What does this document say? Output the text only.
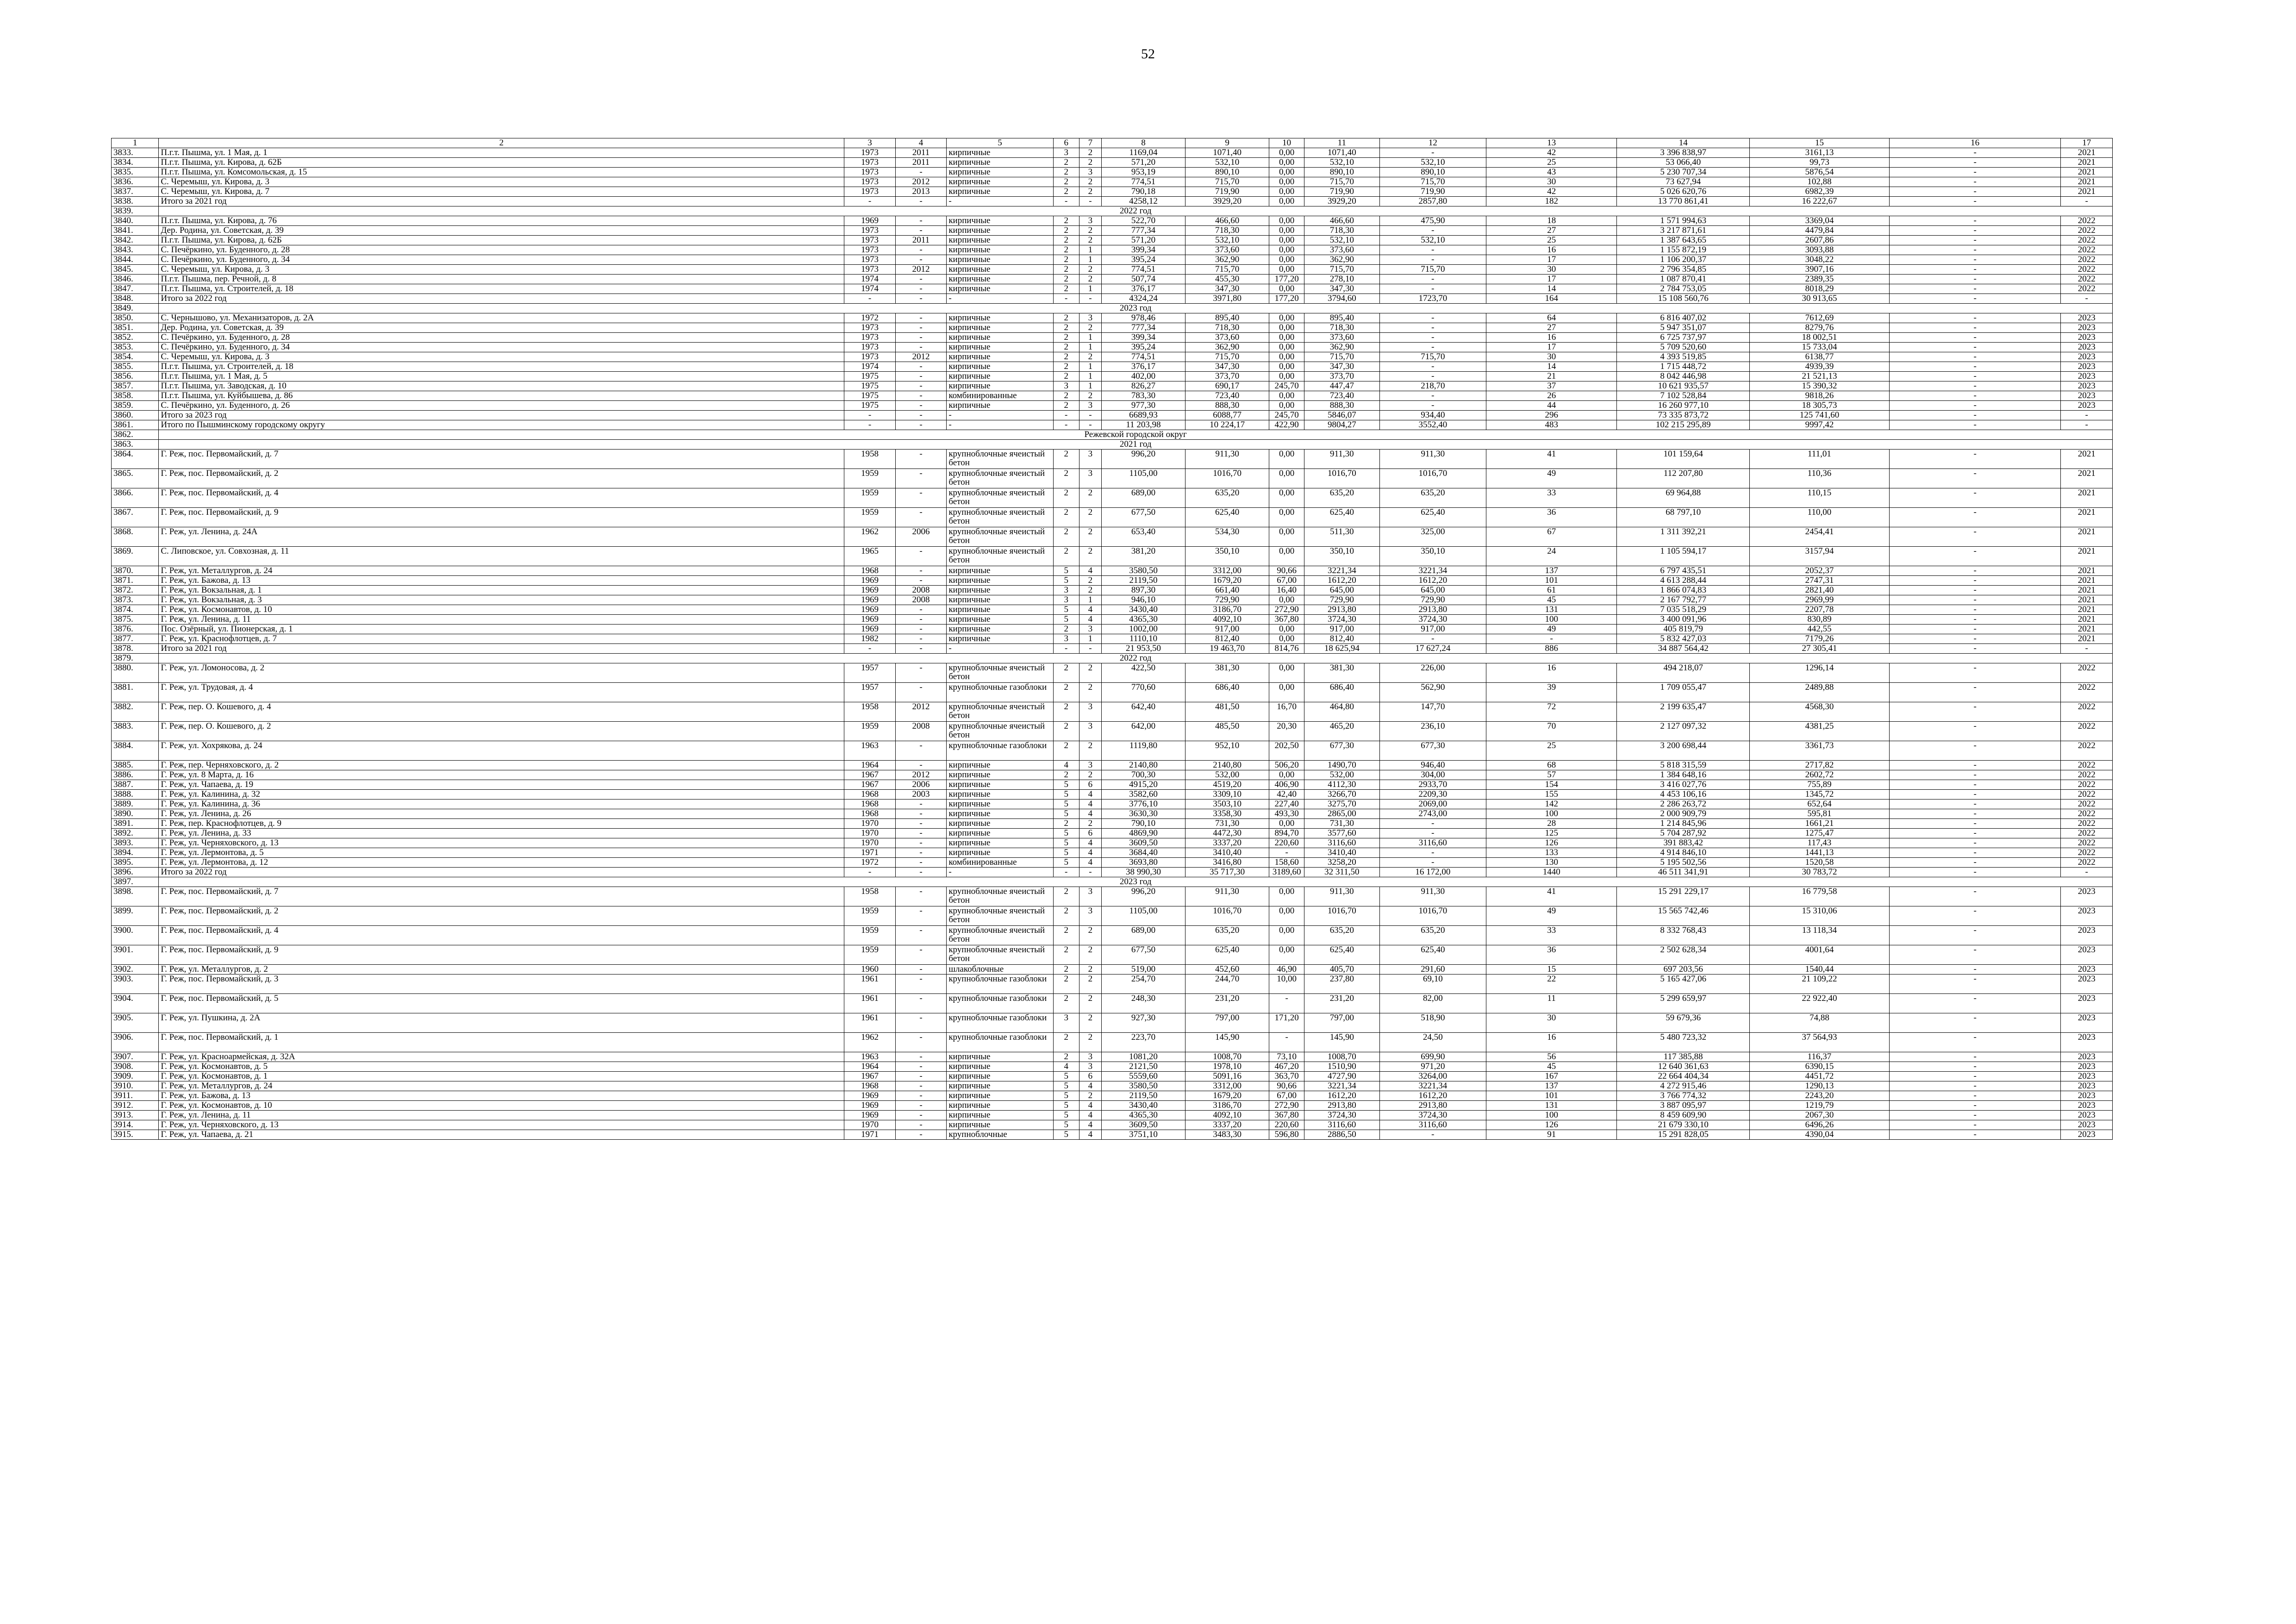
52
1	2	3	4	5	6	7	8	9	10	11	12	13	14	15	16	17
3833.	П.г.т. Пышма, ул. 1 Мая, д. 1	1973	2011	кирпичные	3	2	1169,04	1071,40	0,00	1071,40	-	42	3 396 838,97	3161,13	-	2021
3834.	П.г.т. Пышма, ул. Кирова, д. 62Б	1973	2011	кирпичные	2	2	571,20	532,10	0,00	532,10	532,10	25	53 066,40	99,73	-	2021
3835.	П.г.т. Пышма, ул. Комсомольская, д. 15	1973	-	кирпичные	2	3	953,19	890,10	0,00	890,10	890,10	43	5 230 707,34	5876,54	-	2021
3836.	С. Черемыш, ул. Кирова, д. 3	1973	2012	кирпичные	2	2	774,51	715,70	0,00	715,70	715,70	30	73 627,94	102,88	-	2021
3837.	С. Черемыш, ул. Кирова, д. 7	1973	2013	кирпичные	2	2	790,18	719,90	0,00	719,90	719,90	42	5 026 620,76	6982,39	-	2021
3838.	Итого за 2021 год	-	-	-	-	-	4258,12	3929,20	0,00	3929,20	2857,80	182	13 770 861,41	16 222,67	-	-
3839.	2022 год															
3840.	П.г.т. Пышма, ул. Кирова, д. 76	1969	-	кирпичные	2	3	522,70	466,60	0,00	466,60	475,90	18	1 571 994,63	3369,04	-	2022
3841.	Дер. Родина, ул. Советская, д. 39	1973	-	кирпичные	2	2	777,34	718,30	0,00	718,30	-	27	3 217 871,61	4479,84	-	2022
3842.	П.г.т. Пышма, ул. Кирова, д. 62Б	1973	2011	кирпичные	2	2	571,20	532,10	0,00	532,10	532,10	25	1 387 643,65	2607,86	-	2022
3843.	С. Печёркино, ул. Буденного, д. 28	1973	-	кирпичные	2	1	399,34	373,60	0,00	373,60	-	16	1 155 872,19	3093,88	-	2022
3844.	С. Печёркино, ул. Буденного, д. 34	1973	-	кирпичные	2	1	395,24	362,90	0,00	362,90	-	17	1 106 200,37	3048,22	-	2022
3845.	С. Черемыш, ул. Кирова, д. 3	1973	2012	кирпичные	2	2	774,51	715,70	0,00	715,70	715,70	30	2 796 354,85	3907,16	-	2022
3846.	П.г.т. Пышма, пер. Речной, д. 8	1974	-	кирпичные	2	2	507,74	455,30	177,20	278,10	-	17	1 087 870,41	2389,35	-	2022
3847.	П.г.т. Пышма, ул. Строителей, д. 18	1974	-	кирпичные	2	1	376,17	347,30	0,00	347,30	-	14	2 784 753,05	8018,29	-	2022
3848.	Итого за 2022 год	-	-	-	-	-	4324,24	3971,80	177,20	3794,60	1723,70	164	15 108 560,76	30 913,65	-	-
3849.	2023 год															
3850.	С. Чернышово, ул. Механизаторов, д. 2А	1972	-	кирпичные	2	3	978,46	895,40	0,00	895,40	-	64	6 816 407,02	7612,69	-	2023
3851.	Дер. Родина, ул. Советская, д. 39	1973	-	кирпичные	2	2	777,34	718,30	0,00	718,30	-	27	5 947 351,07	8279,76	-	2023
3852.	С. Печёркино, ул. Буденного, д. 28	1973	-	кирпичные	2	1	399,34	373,60	0,00	373,60	-	16	6 725 737,97	18 002,51	-	2023
3853.	С. Печёркино, ул. Буденного, д. 34	1973	-	кирпичные	2	1	395,24	362,90	0,00	362,90	-	17	5 709 520,60	15 733,04	-	2023
3854.	С. Черемыш, ул. Кирова, д. 3	1973	2012	кирпичные	2	2	774,51	715,70	0,00	715,70	715,70	30	4 393 519,85	6138,77	-	2023
3855.	П.г.т. Пышма, ул. Строителей, д. 18	1974	-	кирпичные	2	1	376,17	347,30	0,00	347,30	-	14	1 715 448,72	4939,39	-	2023
3856.	П.г.т. Пышма, ул. 1 Мая, д. 5	1975	-	кирпичные	2	1	402,00	373,70	0,00	373,70	-	21	8 042 446,98	21 521,13	-	2023
3857.	П.г.т. Пышма, ул. Заводская, д. 10	1975	-	кирпичные	3	1	826,27	690,17	245,70	447,47	218,70	37	10 621 935,57	15 390,32	-	2023
3858.	П.г.т. Пышма, ул. Куйбышева, д. 86	1975	-	комбинированные	2	2	783,30	723,40	0,00	723,40	-	26	7 102 528,84	9818,26	-	2023
3859.	С. Печёркино, ул. Буденного, д. 26	1975	-	кирпичные	2	3	977,30	888,30	0,00	888,30	-	44	16 260 977,10	18 305,73	-	2023
3860.	Итого за 2023 год	-	-	-	-	-	6689,93	6088,77	245,70	5846,07	934,40	296	73 335 873,72	125 741,60	-	-
3861.	Итого по Пышминскому городскому округу	-	-	-	-	-	11 203,98	10 224,17	422,90	9804,27	3552,40	483	102 215 295,89	9997,42	-	-
3862.	Режевской городской округ															
3863.	2021 год															
3864.	Г. Реж, пос. Первомайский, д. 7	1958	-	крупноблочные ячеистый бетон	2	3	996,20	911,30	0,00	911,30	911,30	41	101 159,64	111,01	-	2021
3865.	Г. Реж, пос. Первомайский, д. 2	1959	-	крупноблочные ячеистый бетон	2	3	1105,00	1016,70	0,00	1016,70	1016,70	49	112 207,80	110,36	-	2021
3866.	Г. Реж, пос. Первомайский, д. 4	1959	-	крупноблочные ячеистый бетон	2	2	689,00	635,20	0,00	635,20	635,20	33	69 964,88	110,15	-	2021
3867.	Г. Реж, пос. Первомайский, д. 9	1959	-	крупноблочные ячеистый бетон	2	2	677,50	625,40	0,00	625,40	625,40	36	68 797,10	110,00	-	2021
3868.	Г. Реж, ул. Ленина, д. 24А	1962	2006	крупноблочные ячеистый бетон	2	2	653,40	534,30	0,00	511,30	325,00	67	1 311 392,21	2454,41	-	2021
3869.	С. Липовское, ул. Совхозная, д. 11	1965	-	крупноблочные ячеистый бетон	2	2	381,20	350,10	0,00	350,10	350,10	24	1 105 594,17	3157,94	-	2021
3870.	Г. Реж, ул. Металлургов, д. 24	1968	-	кирпичные	5	4	3580,50	3312,00	90,66	3221,34	3221,34	137	6 797 435,51	2052,37	-	2021
3871.	Г. Реж, ул. Бажова, д. 13	1969	-	кирпичные	5	2	2119,50	1679,20	67,00	1612,20	1612,20	101	4 613 288,44	2747,31	-	2021
3872.	Г. Реж, ул. Вокзальная, д. 1	1969	2008	кирпичные	3	2	897,30	661,40	16,40	645,00	645,00	61	1 866 074,83	2821,40	-	2021
3873.	Г. Реж, ул. Вокзальная, д. 3	1969	2008	кирпичные	3	1	946,10	729,90	0,00	729,90	729,90	45	2 167 792,77	2969,99	-	2021
3874.	Г. Реж, ул. Космонавтов, д. 10	1969	-	кирпичные	5	4	3430,40	3186,70	272,90	2913,80	2913,80	131	7 035 518,29	2207,78	-	2021
3875.	Г. Реж, ул. Ленина, д. 11	1969	-	кирпичные	5	4	4365,30	4092,10	367,80	3724,30	3724,30	100	3 400 091,96	830,89	-	2021
3876.	Пос. Озёрный, ул. Пионерская, д. 1	1969	-	кирпичные	2	3	1002,00	917,00	0,00	917,00	917,00	49	405 819,79	442,55	-	2021
3877.	Г. Реж, ул. Краснофлотцев, д. 7	1982	-	кирпичные	3	1	1110,10	812,40	0,00	812,40	-	-	5 832 427,03	7179,26	-	2021
3878.	Итого за 2021 год	-	-	-	-	-	21 953,50	19 463,70	814,76	18 625,94	17 627,24	886	34 887 564,42	27 305,41	-	-
3879.	2022 год															
3880.	Г. Реж, ул. Ломоносова, д. 2	1957	-	крупноблочные ячеистый бетон	2	2	422,50	381,30	0,00	381,30	226,00	16	494 218,07	1296,14	-	2022
3881.	Г. Реж, ул. Трудовая, д. 4	1957	-	крупноблочные газоблоки	2	2	770,60	686,40	0,00	686,40	562,90	39	1 709 055,47	2489,88	-	2022
3882.	Г. Реж, пер. О. Кошевого, д. 4	1958	2012	крупноблочные ячеистый бетон	2	3	642,40	481,50	16,70	464,80	147,70	72	2 199 635,47	4568,30	-	2022
3883.	Г. Реж, пер. О. Кошевого, д. 2	1959	2008	крупноблочные ячеистый бетон	2	3	642,00	485,50	20,30	465,20	236,10	70	2 127 097,32	4381,25	-	2022
3884.	Г. Реж, ул. Хохрякова, д. 24	1963	-	крупноблочные газоблоки	2	2	1119,80	952,10	202,50	677,30	677,30	25	3 200 698,44	3361,73	-	2022
3885.	Г. Реж, пер. Черняховского, д. 2	1964	-	кирпичные	4	3	2140,80	2140,80	506,20	1490,70	946,40	68	5 818 315,59	2717,82	-	2022
3886.	Г. Реж, ул. 8 Марта, д. 16	1967	2012	кирпичные	2	2	700,30	532,00	0,00	532,00	304,00	57	1 384 648,16	2602,72	-	2022
3887.	Г. Реж, ул. Чапаева, д. 19	1967	2006	кирпичные	5	6	4915,20	4519,20	406,90	4112,30	2933,70	154	3 416 027,76	755,89	-	2022
3888.	Г. Реж, ул. Калинина, д. 32	1968	2003	кирпичные	5	4	3582,60	3309,10	42,40	3266,70	2209,30	155	4 453 106,16	1345,72	-	2022
3889.	Г. Реж, ул. Калинина, д. 36	1968	-	кирпичные	5	4	3776,10	3503,10	227,40	3275,70	2069,00	142	2 286 263,72	652,64	-	2022
3890.	Г. Реж, ул. Ленина, д. 26	1968	-	кирпичные	5	4	3630,30	3358,30	493,30	2865,00	2743,00	100	2 000 909,79	595,81	-	2022
3891.	Г. Реж, пер. Краснофлотцев, д. 9	1970	-	кирпичные	2	2	790,10	731,30	0,00	731,30	-	28	1 214 845,96	1661,21	-	2022
3892.	Г. Реж, ул. Ленина, д. 33	1970	-	кирпичные	5	6	4869,90	4472,30	894,70	3577,60	-	125	5 704 287,92	1275,47	-	2022
3893.	Г. Реж, ул. Черняховского, д. 13	1970	-	кирпичные	5	4	3609,50	3337,20	220,60	3116,60	3116,60	126	391 883,42	117,43	-	2022
3894.	Г. Реж, ул. Лермонтова, д. 5	1971	-	кирпичные	5	4	3684,40	3410,40	-	3410,40	-	133	4 914 846,10	1441,13	-	2022
3895.	Г. Реж, ул. Лермонтова, д. 12	1972	-	комбинированные	5	4	3693,80	3416,80	158,60	3258,20	-	130	5 195 502,56	1520,58	-	2022
3896.	Итого за 2022 год	-	-	-	-	-	38 990,30	35 717,30	3189,60	32 311,50	16 172,00	1440	46 511 341,91	30 783,72	-	-
3897.	2023 год															
3898.	Г. Реж, пос. Первомайский, д. 7	1958	-	крупноблочные ячеистый бетон	2	3	996,20	911,30	0,00	911,30	911,30	41	15 291 229,17	16 779,58	-	2023
3899.	Г. Реж, пос. Первомайский, д. 2	1959	-	крупноблочные ячеистый бетон	2	3	1105,00	1016,70	0,00	1016,70	1016,70	49	15 565 742,46	15 310,06	-	2023
3900.	Г. Реж, пос. Первомайский, д. 4	1959	-	крупноблочные ячеистый бетон	2	2	689,00	635,20	0,00	635,20	635,20	33	8 332 768,43	13 118,34	-	2023
3901.	Г. Реж, пос. Первомайский, д. 9	1959	-	крупноблочные ячеистый бетон	2	2	677,50	625,40	0,00	625,40	625,40	36	2 502 628,34	4001,64	-	2023
3902.	Г. Реж, ул. Металлургов, д. 2	1960	-	шлакоблочные	2	2	519,00	452,60	46,90	405,70	291,60	15	697 203,56	1540,44	-	2023
3903.	Г. Реж, пос. Первомайский, д. 3	1961	-	крупноблочные газоблоки	2	2	254,70	244,70	10,00	237,80	69,10	22	5 165 427,06	21 109,22	-	2023
3904.	Г. Реж, пос. Первомайский, д. 5	1961	-	крупноблочные газоблоки	2	2	248,30	231,20	-	231,20	82,00	11	5 299 659,97	22 922,40	-	2023
3905.	Г. Реж, ул. Пушкина, д. 2А	1961	-	крупноблочные газоблоки	3	2	927,30	797,00	171,20	797,00	518,90	30	59 679,36	74,88	-	2023
3906.	Г. Реж, пос. Первомайский, д. 1	1962	-	крупноблочные газоблоки	2	2	223,70	145,90	-	145,90	24,50	16	5 480 723,32	37 564,93	-	2023
3907.	Г. Реж, ул. Красноармейская, д. 32А	1963	-	кирпичные	2	3	1081,20	1008,70	73,10	1008,70	699,90	56	117 385,88	116,37	-	2023
3908.	Г. Реж, ул. Космонавтов, д. 5	1964	-	кирпичные	4	3	2121,50	1978,10	467,20	1510,90	971,20	45	12 640 361,63	6390,15	-	2023
3909.	Г. Реж, ул. Космонавтов, д. 1	1967	-	кирпичные	5	6	5559,60	5091,16	363,70	4727,90	3264,00	167	22 664 404,34	4451,72	-	2023
3910.	Г. Реж, ул. Металлургов, д. 24	1968	-	кирпичные	5	4	3580,50	3312,00	90,66	3221,34	3221,34	137	4 272 915,46	1290,13	-	2023
3911.	Г. Реж, ул. Бажова, д. 13	1969	-	кирпичные	5	2	2119,50	1679,20	67,00	1612,20	1612,20	101	3 766 774,32	2243,20	-	2023
3912.	Г. Реж, ул. Космонавтов, д. 10	1969	-	кирпичные	5	4	3430,40	3186,70	272,90	2913,80	2913,80	131	3 887 095,97	1219,79	-	2023
3913.	Г. Реж, ул. Ленина, д. 11	1969	-	кирпичные	5	4	4365,30	4092,10	367,80	3724,30	3724,30	100	8 459 609,90	2067,30	-	2023
3914.	Г. Реж, ул. Черняховского, д. 13	1970	-	кирпичные	5	4	3609,50	3337,20	220,60	3116,60	3116,60	126	21 679 330,10	6496,26	-	2023
3915.	Г. Реж, ул. Чапаева, д. 21	1971	-	крупноблочные	5	4	3751,10	3483,30	596,80	2886,50	-	91	15 291 828,05	4390,04	-	2023
